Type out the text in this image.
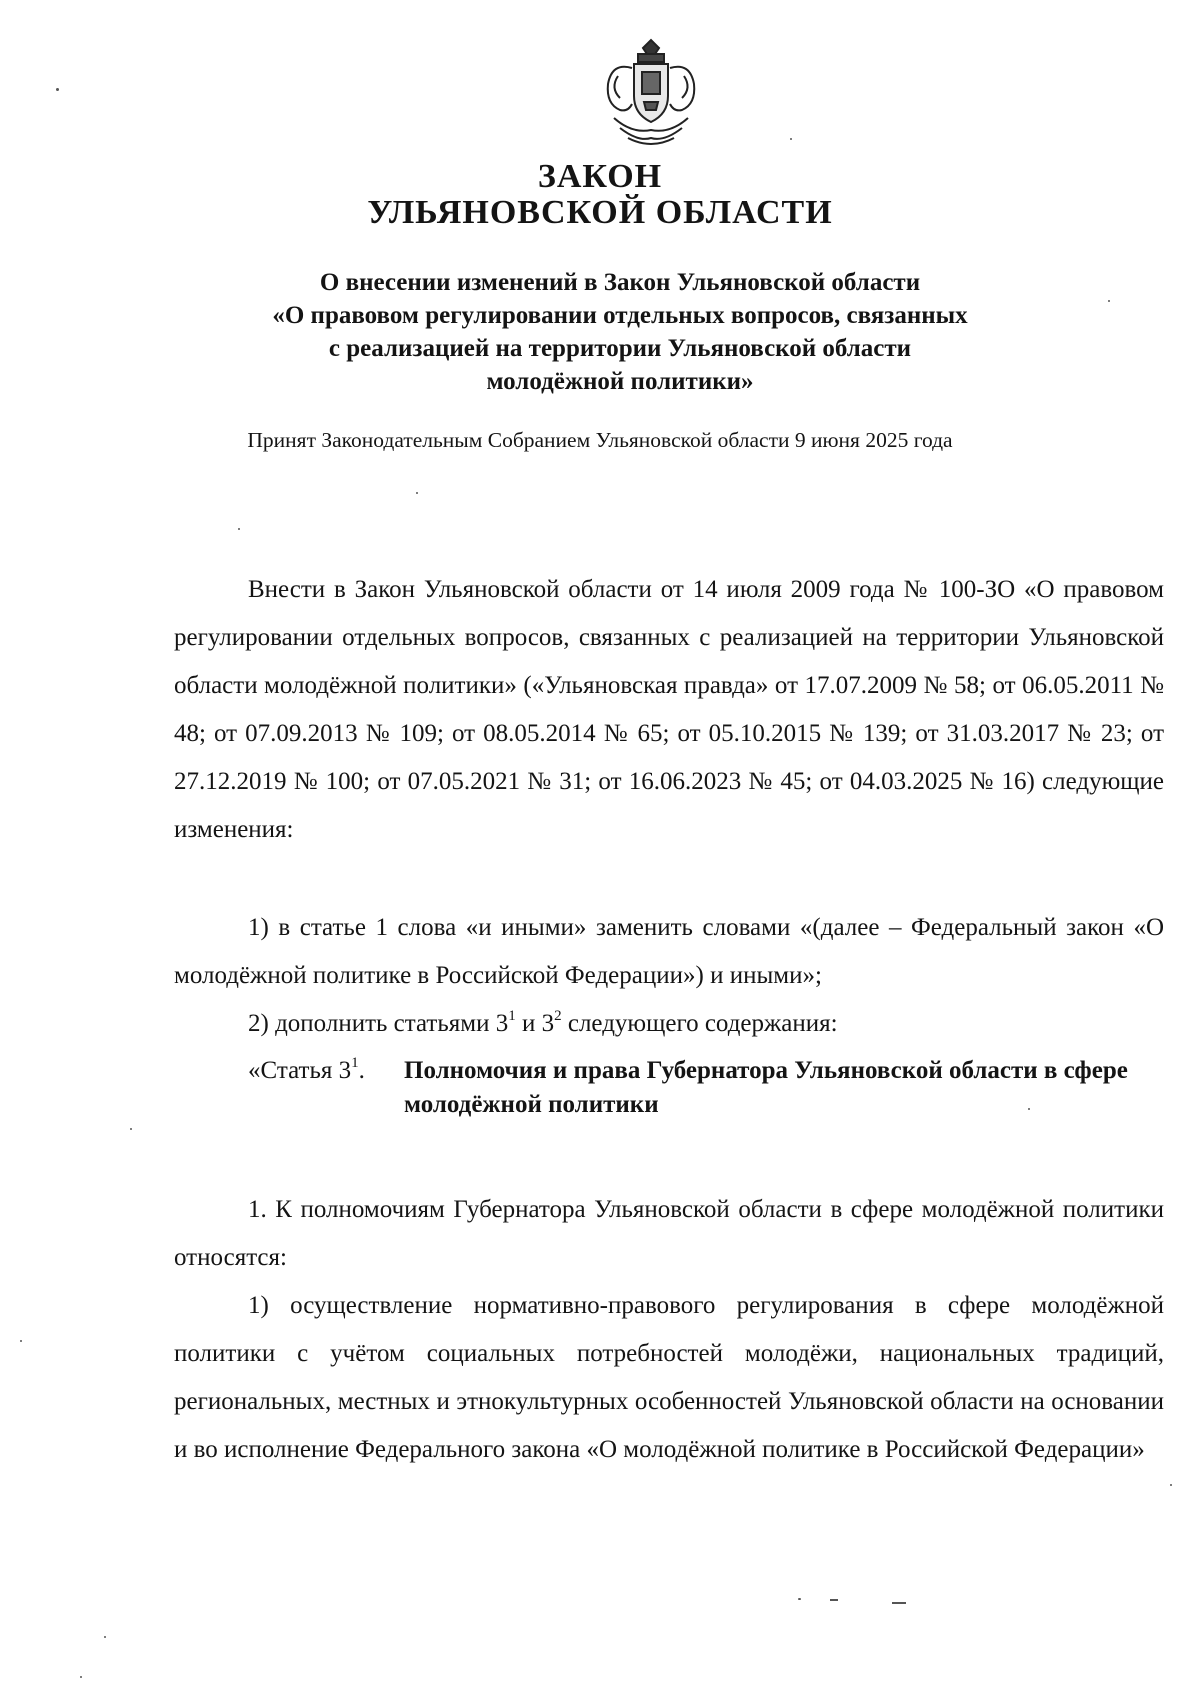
ЗАКОН
УЛЬЯНОВСКОЙ ОБЛАСТИ
О внесении изменений в Закон Ульяновской области
«О правовом регулировании отдельных вопросов, связанных
с реализацией на территории Ульяновской области
молодёжной политики»
Принят Законодательным Собранием Ульяновской области 9 июня 2025 года

Внести в Закон Ульяновской области от 14 июля 2009 года № 100-ЗО «О правовом регулировании отдельных вопросов, связанных с реализацией на территории Ульяновской области молодёжной политики» («Ульяновская правда» от 17.07.2009 № 58; от 06.05.2011 № 48; от 07.09.2013 № 109; от 08.05.2014 № 65; от 05.10.2015 № 139; от 31.03.2017 № 23; от 27.12.2019 № 100; от 07.05.2021 № 31; от 16.06.2023 № 45; от 04.03.2025 № 16) следующие изменения:

1) в статье 1 слова «и иными» заменить словами «(далее – Федеральный закон «О молодёжной политике в Российской Федерации») и иными»;

2) дополнить статьями $3^1$ и $3^2$ следующего содержания:

«Статья $3^1$. Полномочия и права Губернатора Ульяновской области в сфере молодёжной политики

1. К полномочиям Губернатора Ульяновской области в сфере молодёжной политики относятся:

1) осуществление нормативно-правового регулирования в сфере молодёжной политики с учётом социальных потребностей молодёжи, национальных традиций, региональных, местных и этнокультурных особенностей Ульяновской области на основании и во исполнение Федерального закона «О молодёжной политике в Российской Федерации»
